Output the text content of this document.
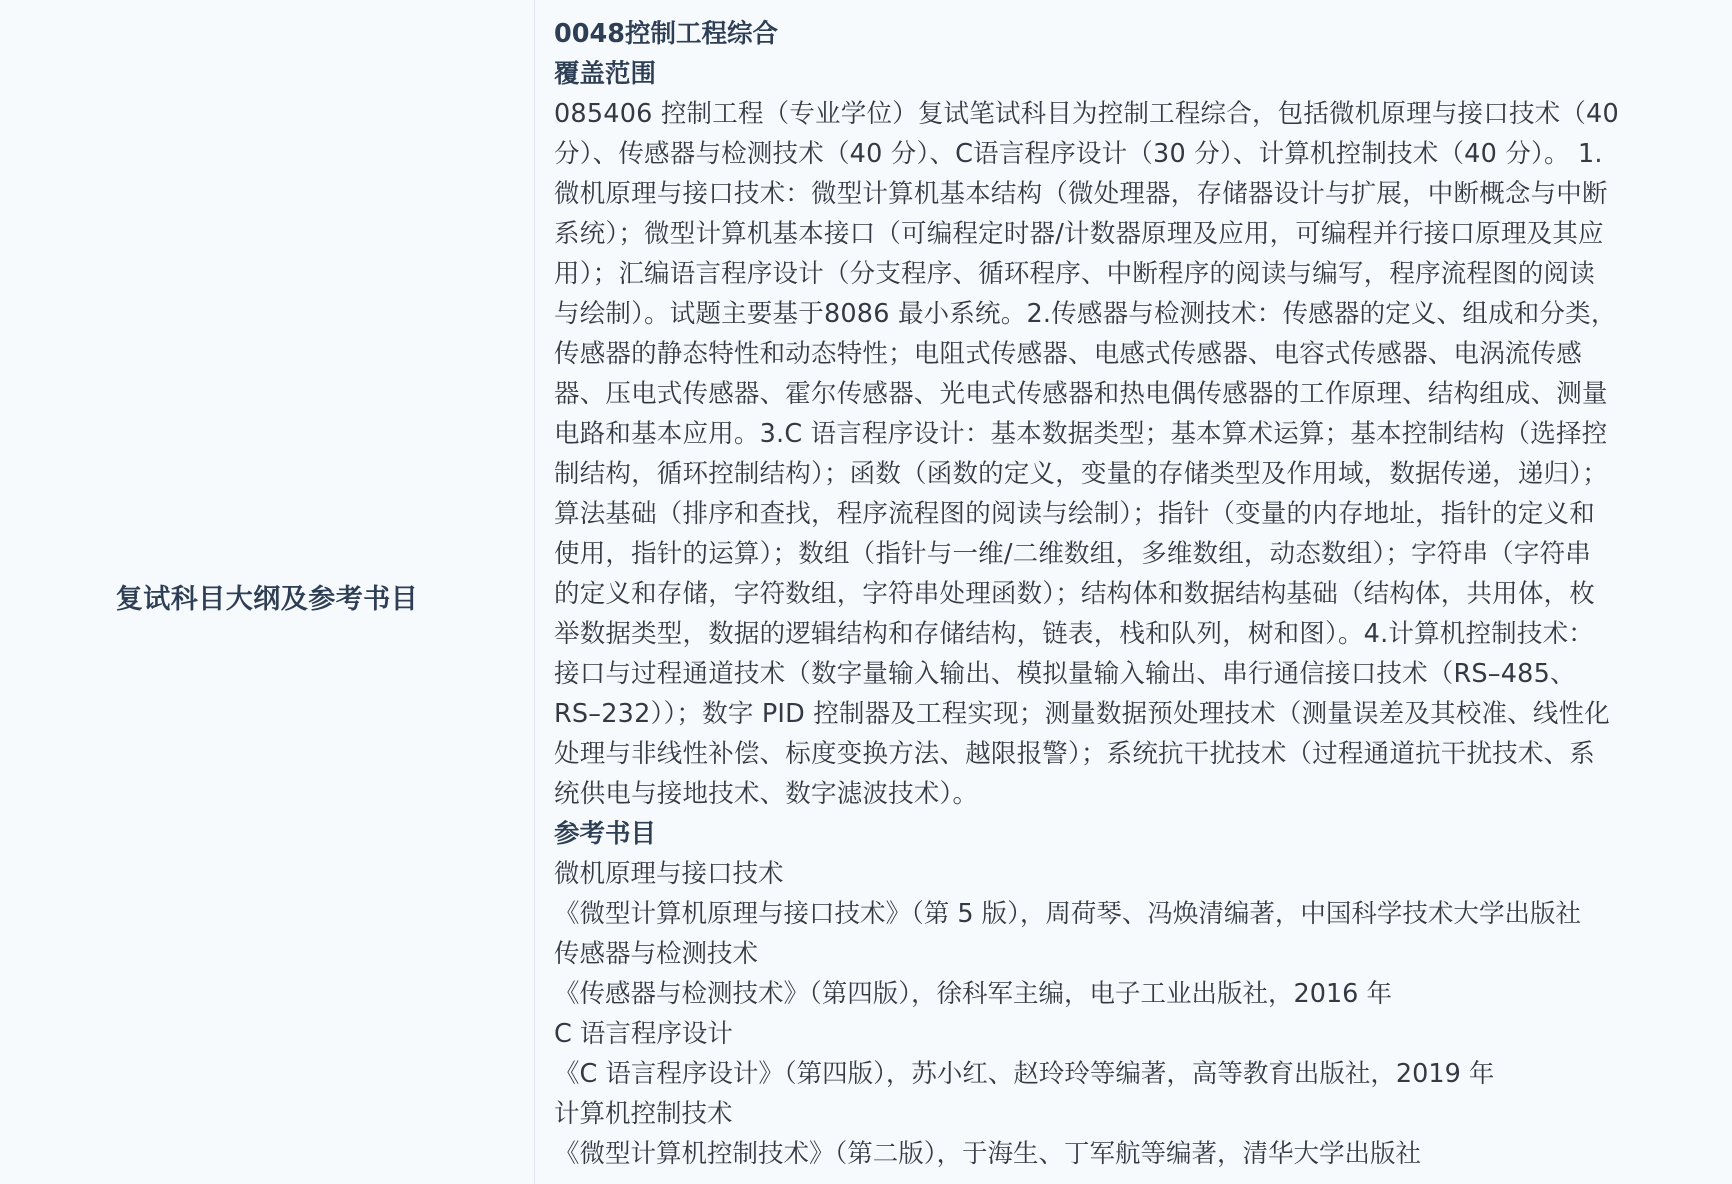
复试科目大纲及参考书目
0048控制工程综合
覆盖范围
085406 控制工程（专业学位）复试笔试科目为控制工程综合，包括微机原理与接口技术（40
分）、传感器与检测技术（40 分）、C语言程序设计（30 分）、计算机控制技术（40 分）。 1.
微机原理与接口技术：微型计算机基本结构（微处理器，存储器设计与扩展，中断概念与中断
系统）；微型计算机基本接口（可编程定时器/计数器原理及应用，可编程并行接口原理及其应
用）；汇编语言程序设计（分支程序、循环程序、中断程序的阅读与编写，程序流程图的阅读
与绘制）。试题主要基于8086 最小系统。2.传感器与检测技术：传感器的定义、组成和分类，
传感器的静态特性和动态特性；电阻式传感器、电感式传感器、电容式传感器、电涡流传感
器、压电式传感器、霍尔传感器、光电式传感器和热电偶传感器的工作原理、结构组成、测量
电路和基本应用。3.C 语言程序设计：基本数据类型；基本算术运算；基本控制结构（选择控
制结构，循环控制结构）；函数（函数的定义，变量的存储类型及作用域，数据传递，递归）；
算法基础（排序和查找，程序流程图的阅读与绘制）；指针（变量的内存地址，指针的定义和
使用，指针的运算）；数组（指针与一维/二维数组，多维数组，动态数组）；字符串（字符串
的定义和存储，字符数组，字符串处理函数）；结构体和数据结构基础（结构体，共用体，枚
举数据类型，数据的逻辑结构和存储结构，链表，栈和队列，树和图）。4.计算机控制技术：
接口与过程通道技术（数字量输入输出、模拟量输入输出、串行通信接口技术（RS–485、
RS–232））；数字 PID 控制器及工程实现；测量数据预处理技术（测量误差及其校准、线性化
处理与非线性补偿、标度变换方法、越限报警）；系统抗干扰技术（过程通道抗干扰技术、系
统供电与接地技术、数字滤波技术）。
参考书目
微机原理与接口技术
《微型计算机原理与接口技术》（第 5 版），周荷琴、冯焕清编著，中国科学技术大学出版社
传感器与检测技术
《传感器与检测技术》（第四版），徐科军主编，电子工业出版社，2016 年
C 语言程序设计
《C 语言程序设计》（第四版），苏小红、赵玲玲等编著，高等教育出版社，2019 年
计算机控制技术
《微型计算机控制技术》（第二版），于海生、丁军航等编著，清华大学出版社
